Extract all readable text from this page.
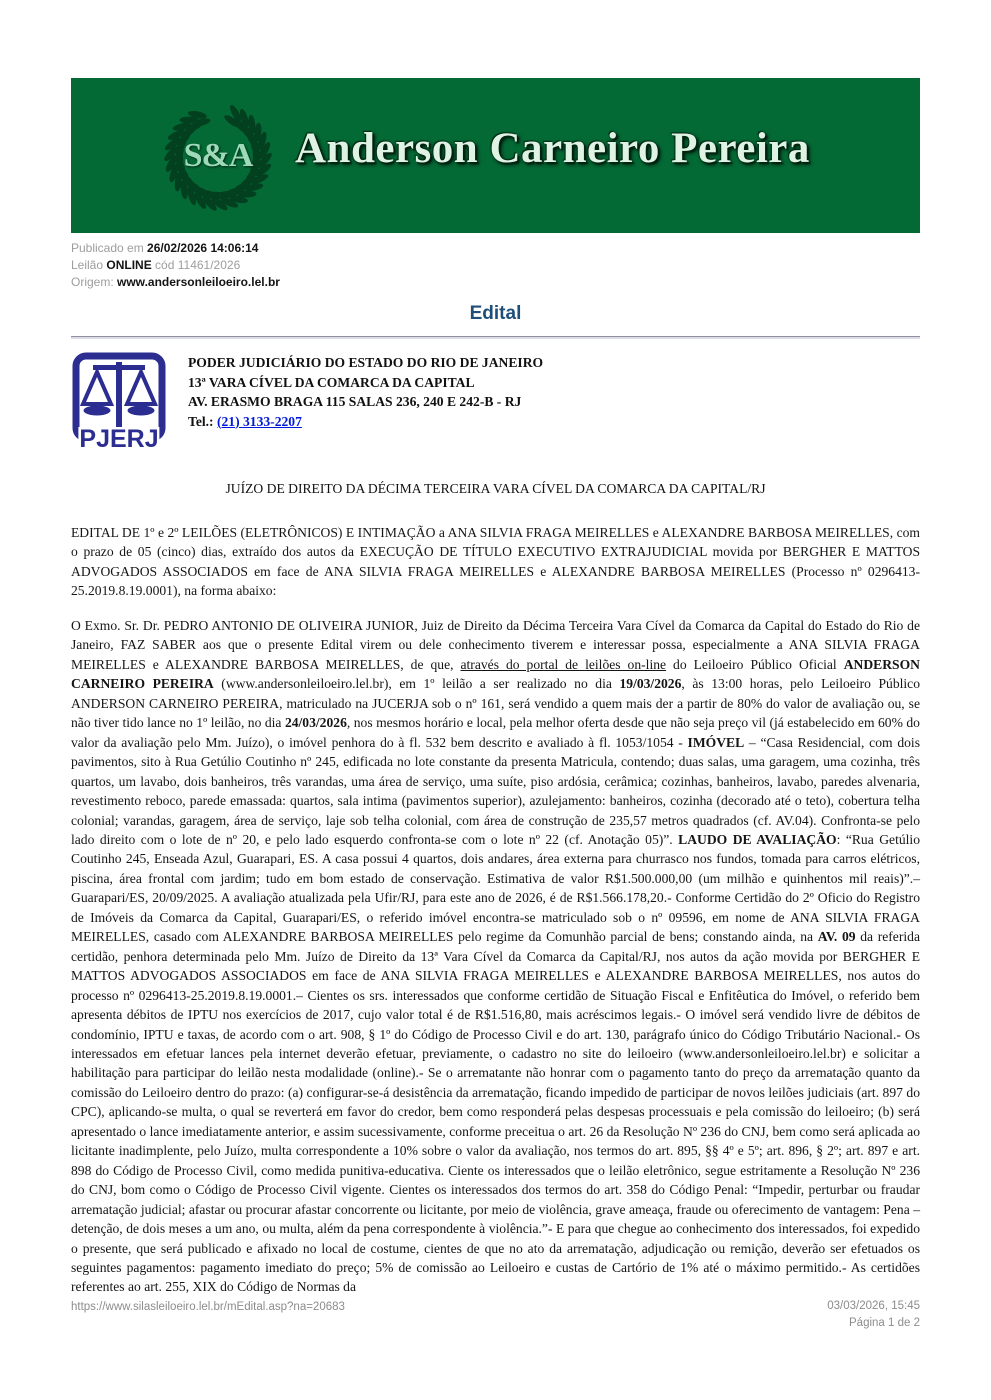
S&A Anderson Carneiro Pereira
Publicado em 26/02/2026 14:06:14
Leilão ONLINE cód 11461/2026
Origem: www.andersonleiloeiro.lel.br
Edital
PJERJ
PODER JUDICIÁRIO DO ESTADO DO RIO DE JANEIRO
13ª VARA CÍVEL DA COMARCA DA CAPITAL
AV. ERASMO BRAGA 115 SALAS 236, 240 E 242-B - RJ
Tel.: (21) 3133-2207
JUÍZO DE DIREITO DA DÉCIMA TERCEIRA VARA CÍVEL DA COMARCA DA CAPITAL/RJ
EDITAL DE 1º e 2º LEILÕES (ELETRÔNICOS) E INTIMAÇÃO a ANA SILVIA FRAGA MEIRELLES e ALEXANDRE BARBOSA MEIRELLES, com o prazo de 05 (cinco) dias, extraído dos autos da EXECUÇÃO DE TÍTULO EXECUTIVO EXTRAJUDICIAL movida por BERGHER E MATTOS ADVOGADOS ASSOCIADOS em face de ANA SILVIA FRAGA MEIRELLES e ALEXANDRE BARBOSA MEIRELLES (Processo nº 0296413-25.2019.8.19.0001), na forma abaixo:
O Exmo. Sr. Dr. PEDRO ANTONIO DE OLIVEIRA JUNIOR, Juiz de Direito da Décima Terceira Vara Cível da Comarca da Capital do Estado do Rio de Janeiro, FAZ SABER aos que o presente Edital virem ou dele conhecimento tiverem e interessar possa, especialmente a ANA SILVIA FRAGA MEIRELLES e ALEXANDRE BARBOSA MEIRELLES, de que, através do portal de leilões on-line do Leiloeiro Público Oficial ANDERSON CARNEIRO PEREIRA (www.andersonleiloeiro.lel.br), em 1º leilão a ser realizado no dia 19/03/2026, às 13:00 horas, pelo Leiloeiro Público ANDERSON CARNEIRO PEREIRA, matriculado na JUCERJA sob o nº 161, será vendido a quem mais der a partir de 80% do valor de avaliação ou, se não tiver tido lance no 1º leilão, no dia 24/03/2026, nos mesmos horário e local, pela melhor oferta desde que não seja preço vil (já estabelecido em 60% do valor da avaliação pelo Mm. Juízo), o imóvel penhora do à fl. 532 bem descrito e avaliado à fl. 1053/1054 - IMÓVEL – “Casa Residencial, com dois pavimentos, sito à Rua Getúlio Coutinho nº 245, edificada no lote constante da presenta Matricula, contendo; duas salas, uma garagem, uma cozinha, três quartos, um lavabo, dois banheiros, três varandas, uma área de serviço, uma suíte, piso ardósia, cerâmica; cozinhas, banheiros, lavabo, paredes alvenaria, revestimento reboco, parede emassada: quartos, sala intima (pavimentos superior), azulejamento: banheiros, cozinha (decorado até o teto), cobertura telha colonial; varandas, garagem, área de serviço, laje sob telha colonial, com área de construção de 235,57 metros quadrados (cf. AV.04). Confronta-se pelo lado direito com o lote de nº 20, e pelo lado esquerdo confronta-se com o lote nº 22 (cf. Anotação 05)”. LAUDO DE AVALIAÇÃO: “Rua Getúlio Coutinho 245, Enseada Azul, Guarapari, ES. A casa possui 4 quartos, dois andares, área externa para churrasco nos fundos, tomada para carros elétricos, piscina, área frontal com jardim; tudo em bom estado de conservação. Estimativa de valor R$1.500.000,00 (um milhão e quinhentos mil reais)”.– Guarapari/ES, 20/09/2025. A avaliação atualizada pela Ufir/RJ, para este ano de 2026, é de R$1.566.178,20.- Conforme Certidão do 2º Oficio do Registro de Imóveis da Comarca da Capital, Guarapari/ES, o referido imóvel encontra-se matriculado sob o nº 09596, em nome de ANA SILVIA FRAGA MEIRELLES, casado com ALEXANDRE BARBOSA MEIRELLES pelo regime da Comunhão parcial de bens; constando ainda, na AV. 09 da referida certidão, penhora determinada pelo Mm. Juízo de Direito da 13ª Vara Cível da Comarca da Capital/RJ, nos autos da ação movida por BERGHER E MATTOS ADVOGADOS ASSOCIADOS em face de ANA SILVIA FRAGA MEIRELLES e ALEXANDRE BARBOSA MEIRELLES, nos autos do processo nº 0296413-25.2019.8.19.0001.– Cientes os srs. interessados que conforme certidão de Situação Fiscal e Enfitêutica do Imóvel, o referido bem apresenta débitos de IPTU nos exercícios de 2017, cujo valor total é de R$1.516,80, mais acréscimos legais.- O imóvel será vendido livre de débitos de condomínio, IPTU e taxas, de acordo com o art. 908, § 1º do Código de Processo Civil e do art. 130, parágrafo único do Código Tributário Nacional.- Os interessados em efetuar lances pela internet deverão efetuar, previamente, o cadastro no site do leiloeiro (www.andersonleiloeiro.lel.br) e solicitar a habilitação para participar do leilão nesta modalidade (online).- Se o arrematante não honrar com o pagamento tanto do preço da arrematação quanto da comissão do Leiloeiro dentro do prazo: (a) configurar-se-á desistência da arrematação, ficando impedido de participar de novos leilões judiciais (art. 897 do CPC), aplicando-se multa, o qual se reverterá em favor do credor, bem como responderá pelas despesas processuais e pela comissão do leiloeiro; (b) será apresentado o lance imediatamente anterior, e assim sucessivamente, conforme preceitua o art. 26 da Resolução Nº 236 do CNJ, bem como será aplicada ao licitante inadimplente, pelo Juízo, multa correspondente a 10% sobre o valor da avaliação, nos termos do art. 895, §§ 4º e 5º; art. 896, § 2º; art. 897 e art. 898 do Código de Processo Civil, como medida punitiva-educativa. Ciente os interessados que o leilão eletrônico, segue estritamente a Resolução Nº 236 do CNJ, bom como o Código de Processo Civil vigente. Cientes os interessados dos termos do art. 358 do Código Penal: “Impedir, perturbar ou fraudar arrematação judicial; afastar ou procurar afastar concorrente ou licitante, por meio de violência, grave ameaça, fraude ou oferecimento de vantagem: Pena – detenção, de dois meses a um ano, ou multa, além da pena correspondente à violência.”- E para que chegue ao conhecimento dos interessados, foi expedido o presente, que será publicado e afixado no local de costume, cientes de que no ato da arrematação, adjudicação ou remição, deverão ser efetuados os seguintes pagamentos: pagamento imediato do preço; 5% de comissão ao Leiloeiro e custas de Cartório de 1% até o máximo permitido.- As certidões referentes ao art. 255, XIX do Código de Normas da
https://www.silasleiloeiro.lel.br/mEdital.asp?na=20683	03/03/2026, 15:45
Página 1 de 2
